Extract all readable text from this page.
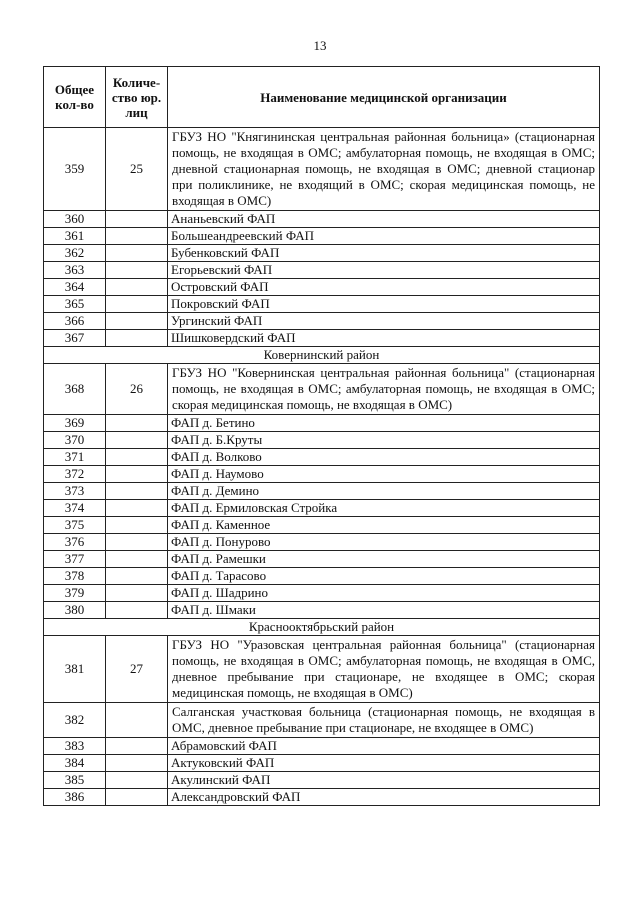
13
Общее кол-во	Количе-ство юр. лиц	Наименование медицинской организации
359	25	ГБУЗ НО "Княгининская центральная районная больница» (стационарная помощь, не входящая в ОМС; амбулаторная помощь, не входящая в ОМС; дневной стационарная помощь, не входящая в ОМС; дневной стационар при поликлинике, не входящий в ОМС; скорая медицинская помощь, не входящая в ОМС)
360		Ананьевский ФАП
361		Большеандреевский ФАП
362		Бубенковский ФАП
363		Егорьевский ФАП
364		Островский ФАП
365		Покровский ФАП
366		Ургинский ФАП
367		Шишковердский ФАП
Ковернинский район		
368	26	ГБУЗ НО "Ковернинская центральная районная больница" (стационарная помощь, не входящая в ОМС; амбулаторная помощь, не входящая в ОМС; скорая медицинская помощь, не входящая в ОМС)
369		ФАП д. Бетино
370		ФАП д. Б.Круты
371		ФАП д. Волково
372		ФАП д. Наумово
373		ФАП д. Демино
374		ФАП д. Ермиловская Стройка
375		ФАП д. Каменное
376		ФАП д. Понурово
377		ФАП д. Рамешки
378		ФАП д. Тарасово
379		ФАП д. Шадрино
380		ФАП д. Шмаки
Краснооктябрьский район		
381	27	ГБУЗ НО "Уразовская центральная районная больница" (стационарная помощь, не входящая в ОМС; амбулаторная помощь, не входящая в ОМС, дневное пребывание при стационаре, не входящее в ОМС; скорая медицинская помощь, не входящая в ОМС)
382		Салганская участковая больница (стационарная помощь, не входящая в ОМС, дневное пребывание при стационаре, не входящее в ОМС)
383		Абрамовский ФАП
384		Актуковский ФАП
385		Акулинский ФАП
386		Александровский ФАП
